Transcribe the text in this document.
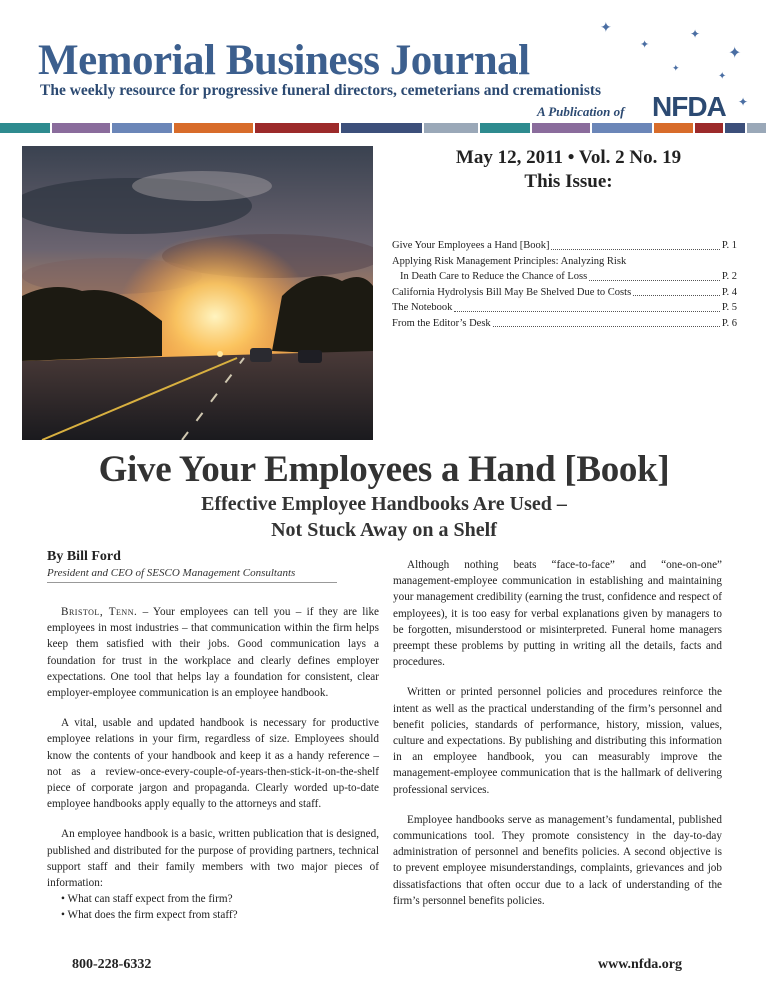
✦
✦
✦
✦
✦
✦
✦
Memorial Business Journal
The weekly resource for progressive funeral directors, cemeterians and cremationists
A Publication of NFDA
May 12, 2011 • Vol. 2 No. 19
This Issue:
Give Your Employees a Hand [Book]	P. 1
Applying Risk Management Principles: Analyzing Risk
In Death Care to Reduce the Chance of Loss	P. 2
California Hydrolysis Bill May Be Shelved Due to Costs	P. 4
The Notebook	P. 5
From the Editor’s Desk	P. 6
Give Your Employees a Hand [Book]
Effective Employee Handbooks Are Used –
Not Stuck Away on a Shelf
By Bill Ford
President and CEO of SESCO Management Consultants

Bristol, Tenn. – Your employees can tell you – if they are like employees in most industries – that communication within the firm helps keep them satisfied with their jobs. Good communication lays a foundation for trust in the workplace and clearly defines employer expectations. One tool that helps lay a foundation for consistent, clear employer-employee communication is an employee handbook.

A vital, usable and updated handbook is necessary for productive employee relations in your firm, regardless of size. Employees should know the contents of your handbook and keep it as a handy reference – not as a review-once-every-couple-of-years-then-stick-it-on-the-shelf piece of corporate jargon and propaganda. Clearly worded up-to-date employee handbooks apply equally to the attorneys and staff.

An employee handbook is a basic, written publication that is designed, published and distributed for the purpose of providing partners, technical support staff and their family members with two major pieces of information:

• What can staff expect from the firm?
• What does the firm expect from staff?

Although nothing beats “face-to-face” and “one-on-one” management-employee communication in establishing and maintaining your management credibility (earning the trust, confidence and respect of employees), it is too easy for verbal explanations given by managers to be forgotten, misunderstood or misinterpreted. Funeral home managers preempt these problems by putting in writing all the details, facts and procedures.

Written or printed personnel policies and procedures reinforce the intent as well as the practical understanding of the firm’s personnel and benefit policies, standards of performance, history, mission, values, culture and expectations. By publishing and distributing this information in an employee handbook, you can measurably improve the management-employee communication that is the hallmark of delivering professional services.

Employee handbooks serve as management’s fundamental, published communications tool. They promote consistency in the day-to-day administration of personnel and benefits policies. A second objective is to prevent employee misunderstandings, complaints, grievances and job dissatisfactions that often occur due to a lack of understanding of the firm’s personnel benefits policies.

800-228-6332	www.nfda.org
